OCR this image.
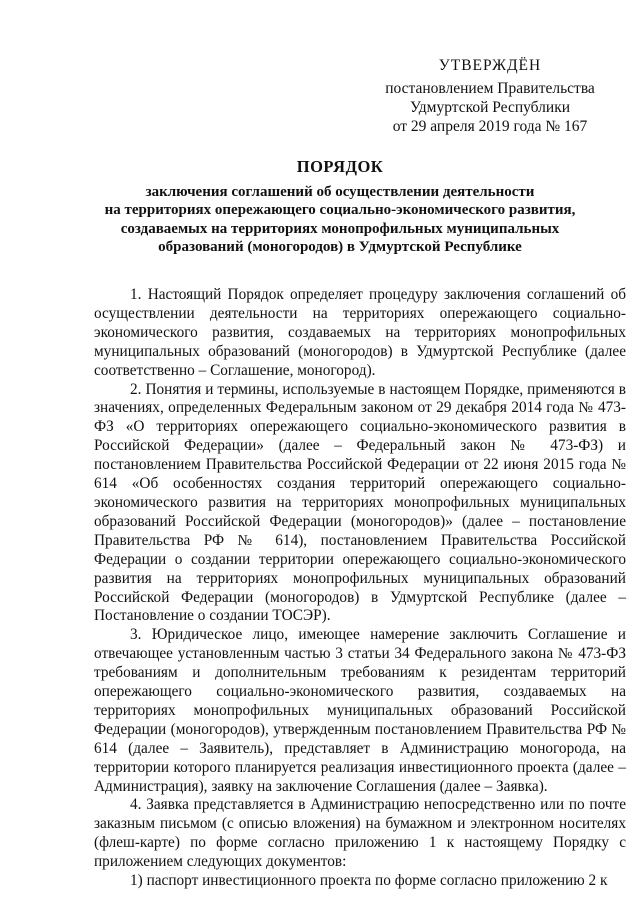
УТВЕРЖДЁН
постановлением Правительства
Удмуртской Республики
от 29 апреля 2019 года № 167
ПОРЯДОК
заключения соглашений об осуществлении деятельности
на территориях опережающего социально-экономического развития,
создаваемых на территориях монопрофильных муниципальных
образований (моногородов) в Удмуртской Республике

1. Настоящий Порядок определяет процедуру заключения соглашений об осуществлении деятельности на территориях опережающего социально-экономического развития, создаваемых на территориях монопрофильных муниципальных образований (моногородов) в Удмуртской Республике (далее соответственно – Соглашение, моногород).

2. Понятия и термины, используемые в настоящем Порядке, применяются в значениях, определенных Федеральным законом от 29 декабря 2014 года № 473-ФЗ «О территориях опережающего социально-экономического развития в Российской Федерации» (далее – Федеральный закон № 473-ФЗ) и постановлением Правительства Российской Федерации от 22 июня 2015 года № 614 «Об особенностях создания территорий опережающего социально-экономического развития на территориях монопрофильных муниципальных образований Российской Федерации (моногородов)» (далее – постановление Правительства РФ № 614), постановлением Правительства Российской Федерации о создании территории опережающего социально-экономического развития на территориях монопрофильных муниципальных образований Российской Федерации (моногородов) в Удмуртской Республике (далее – Постановление о создании ТОСЭР).

3. Юридическое лицо, имеющее намерение заключить Соглашение и отвечающее установленным частью 3 статьи 34 Федерального закона № 473-ФЗ требованиям и дополнительным требованиям к резидентам территорий опережающего социально-экономического развития, создаваемых на территориях монопрофильных муниципальных образований Российской Федерации (моногородов), утвержденным постановлением Правительства РФ № 614 (далее – Заявитель), представляет в Администрацию моногорода, на территории которого планируется реализация инвестиционного проекта (далее – Администрация), заявку на заключение Соглашения (далее – Заявка).

4. Заявка представляется в Администрацию непосредственно или по почте заказным письмом (с описью вложения) на бумажном и электронном носителях (флеш-карте) по форме согласно приложению 1 к настоящему Порядку с приложением следующих документов:

1) паспорт инвестиционного проекта по форме согласно приложению 2 к
